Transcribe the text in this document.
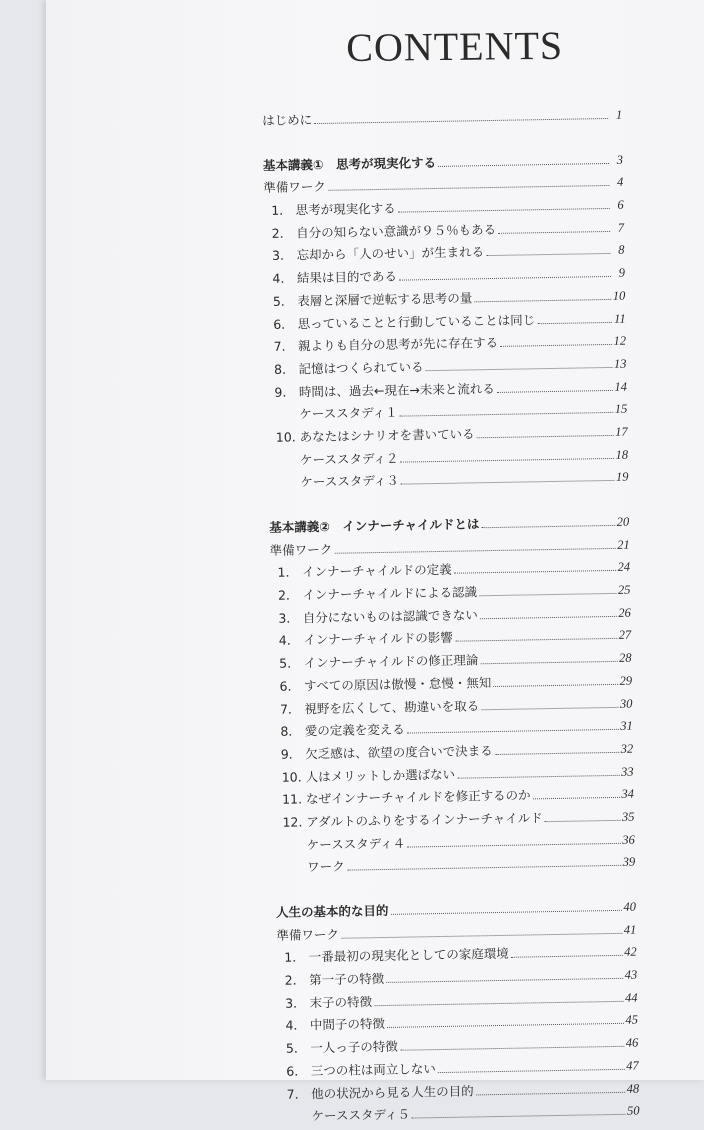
CONTENTS
はじめに	1
基本講義①　思考が現実化する	3
準備ワーク	4
1． 思考が現実化する	6
2． 自分の知らない意識が９５％もある	7
3． 忘却から「人のせい」が生まれる	8
4． 結果は目的である	9
5． 表層と深層で逆転する思考の量	10
6． 思っていることと行動していることは同じ	11
7． 親よりも自分の思考が先に存在する	12
8． 記憶はつくられている	13
9． 時間は、過去←現在→未来と流れる	14
ケーススタディ１	15
10. あなたはシナリオを書いている	17
ケーススタディ２	18
ケーススタディ３	19
基本講義②　インナーチャイルドとは	20
準備ワーク	21
1． インナーチャイルドの定義	24
2． インナーチャイルドによる認識	25
3． 自分にないものは認識できない	26
4． インナーチャイルドの影響	27
5． インナーチャイルドの修正理論	28
6． すべての原因は傲慢・怠慢・無知	29
7． 視野を広くして、勘違いを取る	30
8． 愛の定義を変える	31
9． 欠乏感は、欲望の度合いで決まる	32
10. 人はメリットしか選ばない	33
11. なぜインナーチャイルドを修正するのか	34
12. アダルトのふりをするインナーチャイルド	35
ケーススタディ４	36
ワーク	39
人生の基本的な目的	40
準備ワーク	41
1． 一番最初の現実化としての家庭環境	42
2． 第一子の特徴	43
3． 末子の特徴	44
4． 中間子の特徴	45
5． 一人っ子の特徴	46
6． 三つの柱は両立しない	47
7． 他の状況から見る人生の目的	48
ケーススタディ５	50
